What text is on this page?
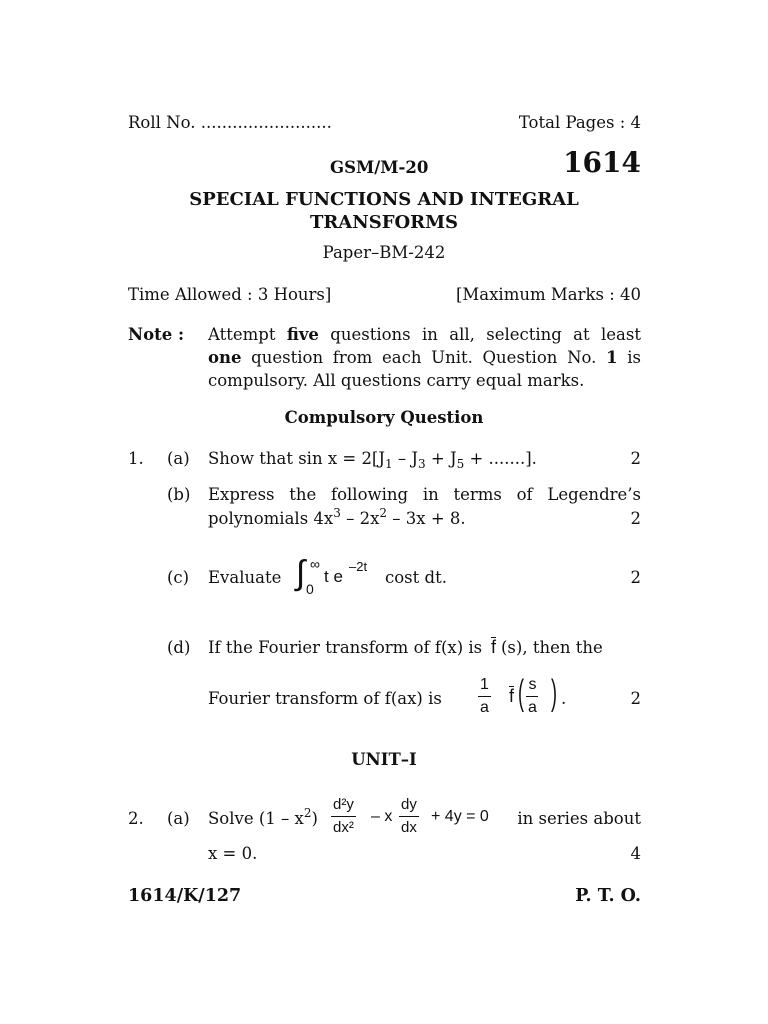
Roll No. .........................	Total Pages : 4
GSM/M-20	1614
SPECIAL FUNCTIONS AND INTEGRAL
TRANSFORMS
Paper–BM-242
Time Allowed : 3 Hours]	[Maximum Marks : 40
Note : Attempt five questions in all, selecting at least
one question from each Unit. Question No. 1 is
compulsory. All questions carry equal marks.
Compulsory Question
1. (a) Show that $\sin x = 2[J_1 - J_3 + J_5$ + .......].	2
(b) Express the following in terms of Legendre’s
polynomials $4x^3 - 2x^2 - 3x + 8$.	2
(c) Evaluate ∫ ∞
0
t e
–2t
cost dt.	2
(d) If the Fourier transform of f(x) is f (s), then the
Fourier transform of f(ax) is $\frac{1}{a}$ f ( $\frac{s}{a}$ ) .	2
UNIT–I
2. (a) Solve $(1 - x^2) \frac{\text{d²y}}{\text{dx²}} - x \frac{dy}{dx} + 4y = 0$ in series about
x = 0.	4
1614/K/127	P. T. O.
